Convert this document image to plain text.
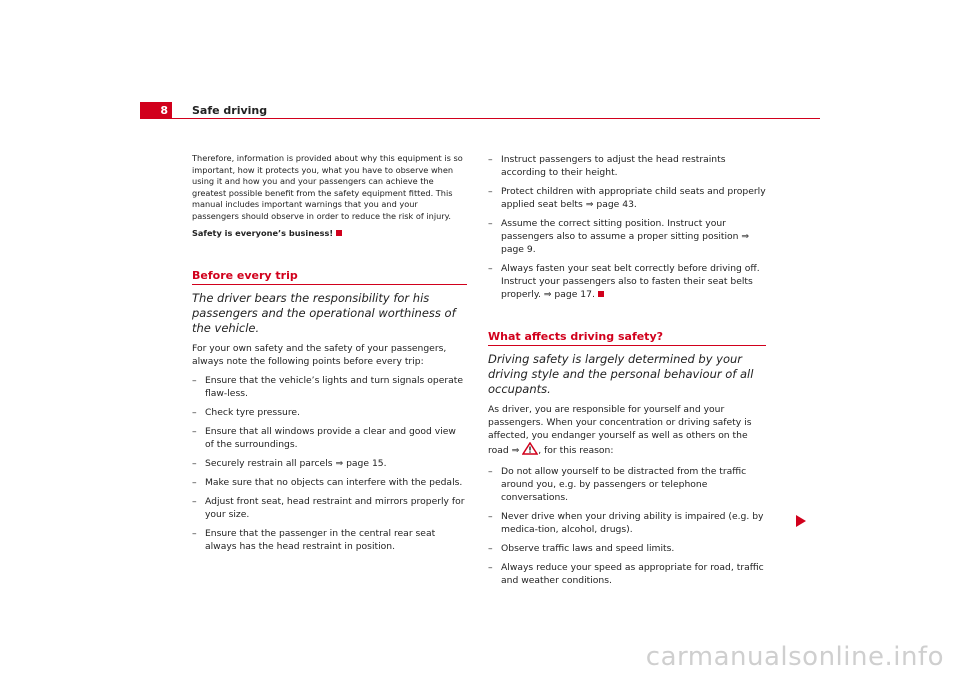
8	Safe driving

Therefore, information is provided about why this equipment is so important, how it protects you, what you have to observe when using it and how you and your passengers can achieve the greatest possible benefit from the safety equipment fitted. This manual includes important warnings that you and your passengers should observe in order to reduce the risk of injury.

Safety is everyone’s business!

Before every trip
The driver bears the responsibility for his passengers and the operational worthiness of the vehicle.

For your own safety and the safety of your passengers, always note the following points before every trip:

– Ensure that the vehicle’s lights and turn signals operate flaw-less.
– Check tyre pressure.
– Ensure that all windows provide a clear and good view of the surroundings.
– Securely restrain all parcels ⇒ page 15.
– Make sure that no objects can interfere with the pedals.
– Adjust front seat, head restraint and mirrors properly for your size.
– Ensure that the passenger in the central rear seat always has the head restraint in position.
– Instruct passengers to adjust the head restraints according to their height.
– Protect children with appropriate child seats and properly applied seat belts ⇒ page 43.
– Assume the correct sitting position. Instruct your passengers also to assume a proper sitting position ⇒ page 9.
– Always fasten your seat belt correctly before driving off. Instruct your passengers also to fasten their seat belts properly. ⇒ page 17.
What affects driving safety?
Driving safety is largely determined by your driving style and the personal behaviour of all occupants.

As driver, you are responsible for yourself and your passengers. When your concentration or driving safety is affected, you endanger yourself as well as others on the road ⇒ , for this reason:

– Do not allow yourself to be distracted from the traffic around you, e.g. by passengers or telephone conversations.
– Never drive when your driving ability is impaired (e.g. by medica-tion, alcohol, drugs).
– Observe traffic laws and speed limits.
– Always reduce your speed as appropriate for road, traffic and weather conditions.
carmanualsonline.info
